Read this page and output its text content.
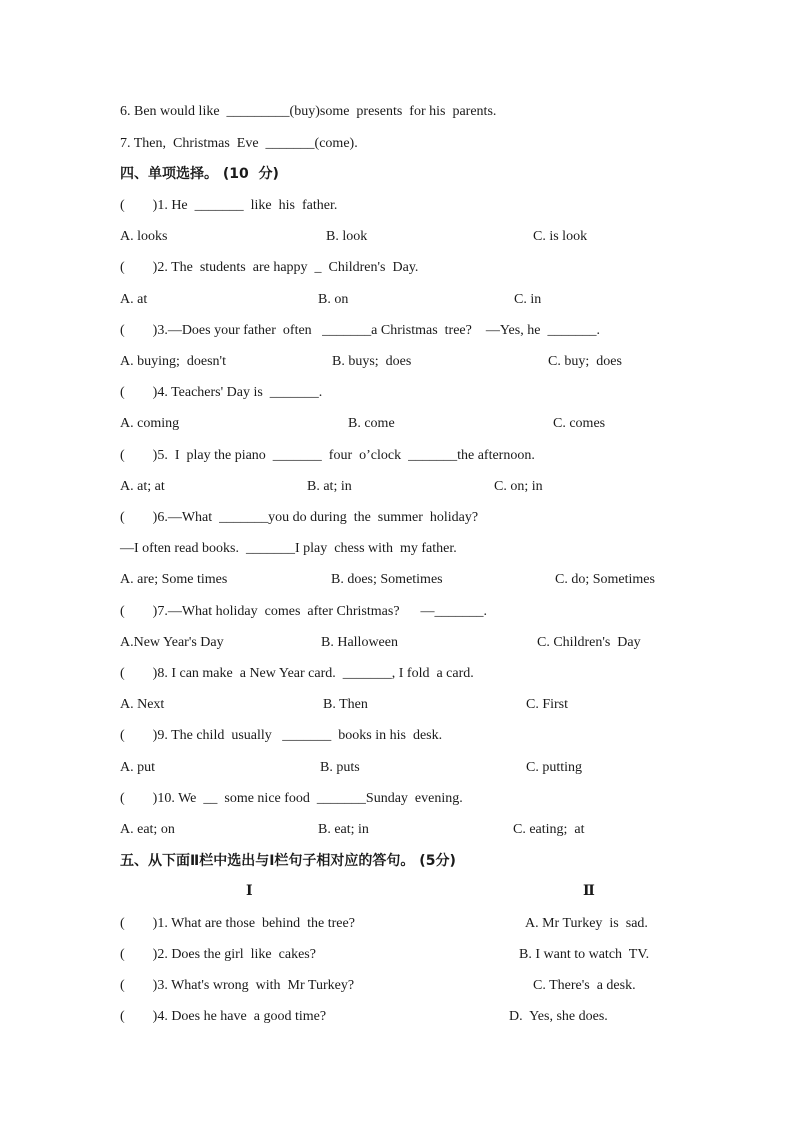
6. Ben would like  _________(buy)some  presents  for his  parents.
7. Then,  Christmas  Eve  _______(come).
四、单项选择。 (10  分)
(        )1. He  _______  like  his  father.
A. looks	B. look	C. is look
(        )2. The  students  are happy  _  Children's  Day.
A. at	B. on	C. in
(        )3.—Does your father  often   _______a Christmas  tree?    —Yes, he  _______.
A. buying;  doesn't	B. buys;  does	C. buy;  does
(        )4. Teachers' Day is  _______.
A. coming	B. come	C. comes
(        )5.  I  play the piano  _______  four  o’clock  _______the afternoon.
A. at; at	B. at; in	C. on; in
(        )6.—What  _______you do during  the  summer  holiday?
—I often read books.  _______I play  chess with  my father.
A. are; Some times	B. does; Sometimes	C. do; Sometimes
(        )7.—What holiday  comes  after Christmas?      —_______.
A.New Year's Day	B. Halloween	C. Children's  Day
(        )8. I can make  a New Year card.  _______, I fold  a card.
A. Next	B. Then	C. First
(        )9. The child  usually   _______  books in his  desk.
A. put	B. puts	C. putting
(        )10. We  __  some nice food  _______Sunday  evening.
A. eat; on	B. eat; in	C. eating;  at
五、从下面Ⅱ栏中选出与Ⅰ栏句子相对应的答句。 (5分)
Ⅰ	Ⅱ
(        )1. What are those  behind  the tree?	A. Mr Turkey  is  sad.
(        )2. Does the girl  like  cakes?	B. I want to watch  TV.
(        )3. What's wrong  with  Mr Turkey?	C. There's  a desk.
(        )4. Does he have  a good time?	D.  Yes, she does.
